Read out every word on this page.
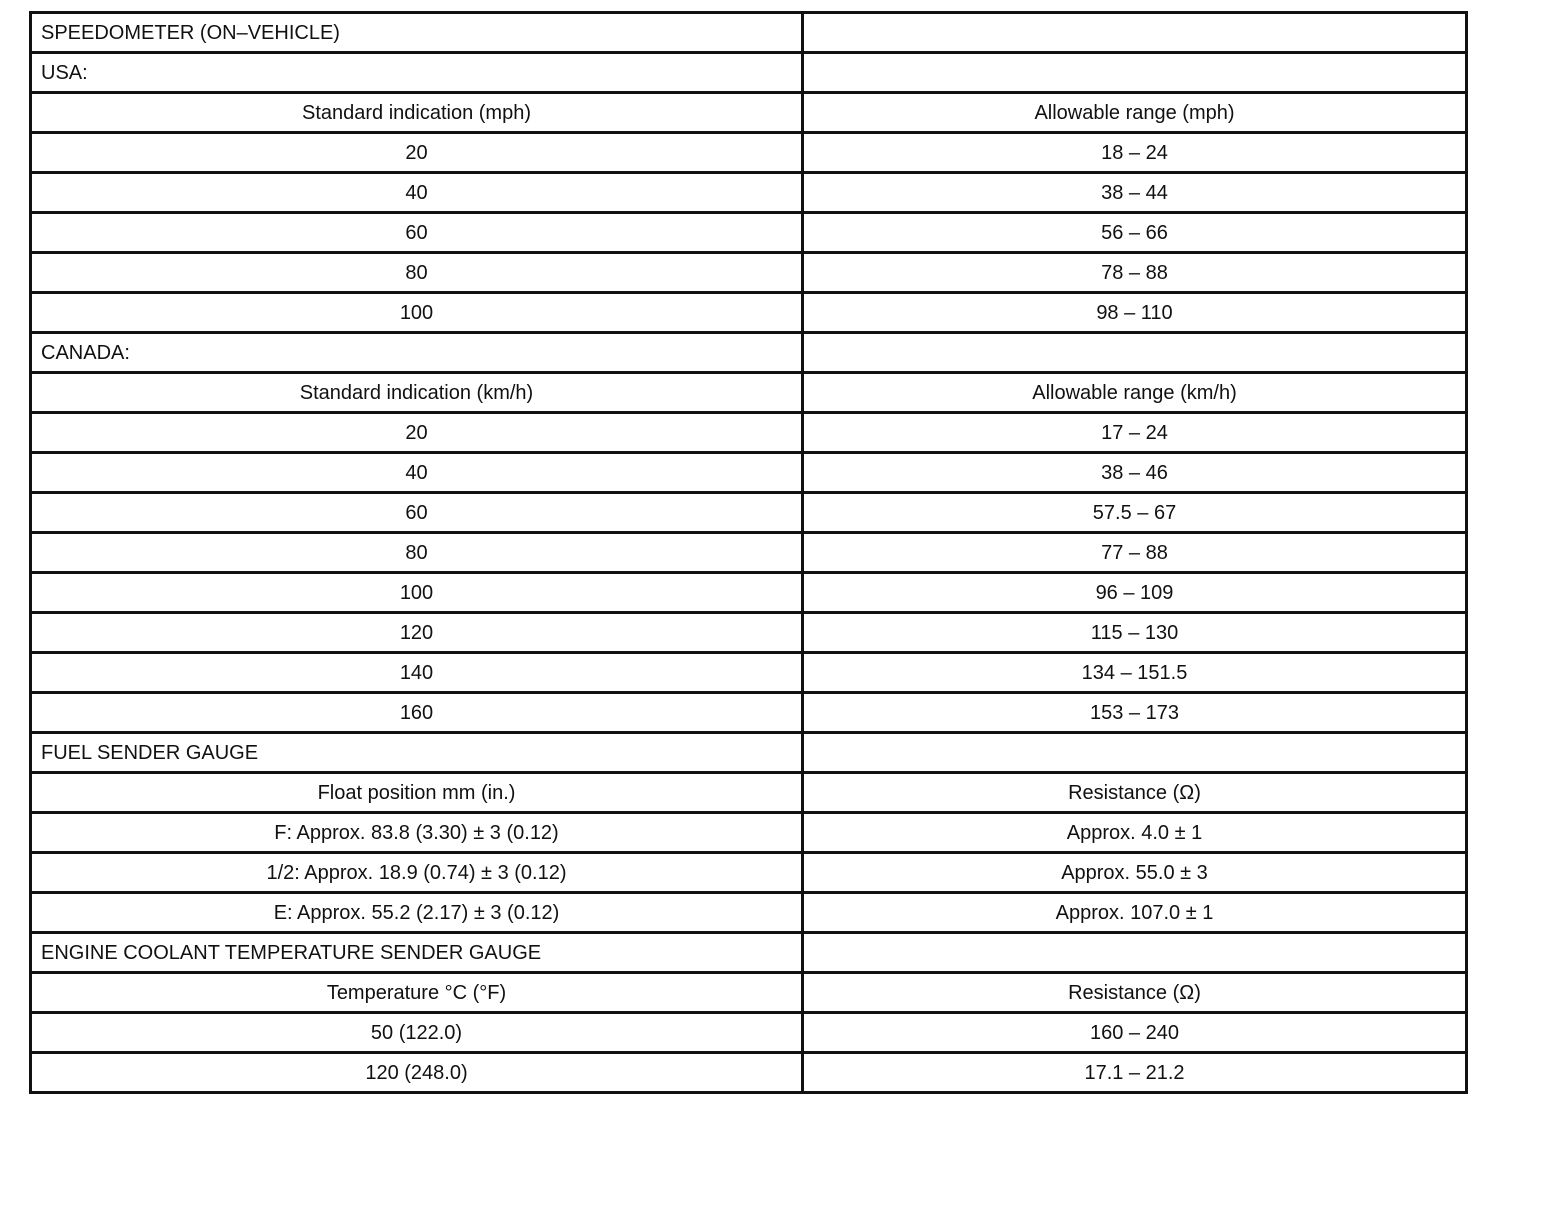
SPEEDOMETER (ON–VEHICLE)	
USA:	
Standard indication (mph)	Allowable range (mph)
20	18 – 24
40	38 – 44
60	56 – 66
80	78 – 88
100	98 – 110
CANADA:	
Standard indication (km/h)	Allowable range (km/h)
20	17 – 24
40	38 – 46
60	57.5 – 67
80	77 – 88
100	96 – 109
120	115 – 130
140	134 – 151.5
160	153 – 173
FUEL SENDER GAUGE	
Float position mm (in.)	Resistance (Ω)
F: Approx. 83.8 (3.30) ± 3 (0.12)	Approx. 4.0 ± 1
1/2: Approx. 18.9 (0.74) ± 3 (0.12)	Approx. 55.0 ± 3
E: Approx. 55.2 (2.17) ± 3 (0.12)	Approx. 107.0 ± 1
ENGINE COOLANT TEMPERATURE SENDER GAUGE	
Temperature °C (°F)	Resistance (Ω)
50 (122.0)	160 – 240
120 (248.0)	17.1 – 21.2
